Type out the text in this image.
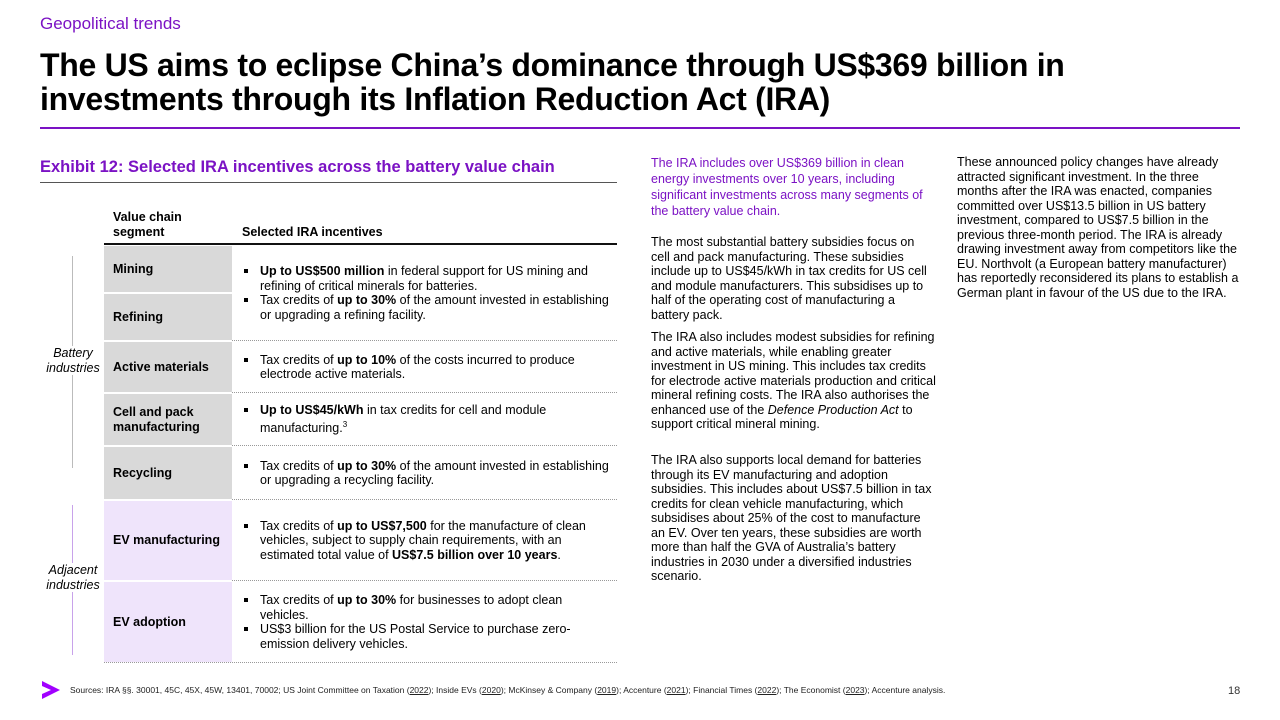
Geopolitical trends
The US aims to eclipse China’s dominance through US$369 billion in investments through its Inflation Reduction Act (IRA)
Exhibit 12: Selected IRA incentives across the battery value chain
Value chain segment	Selected IRA incentives
Battery industries
Adjacent industries
Mining
Refining
Active materials
Cell and pack manufacturing
Recycling
EV manufacturing
EV adoption
Up to US$500 million in federal support for US mining and refining of critical minerals for batteries.
Tax credits of up to 30% of the amount invested in establishing or upgrading a refining facility.
Tax credits of up to 10% of the costs incurred to produce electrode active materials.
Up to US$45/kWh in tax credits for cell and module manufacturing.$^3$
Tax credits of up to 30% of the amount invested in establishing or upgrading a recycling facility.
Tax credits of up to US$7,500 for the manufacture of clean vehicles, subject to supply chain requirements, with an estimated total value of US$7.5 billion over 10 years.
Tax credits of up to 30% for businesses to adopt clean vehicles.
US$3 billion for the US Postal Service to purchase zero-emission delivery vehicles.
The IRA includes over US$369 billion in clean energy investments over 10 years, including significant investments across many segments of the battery value chain.
The most substantial battery subsidies focus on cell and pack manufacturing. These subsidies include up to US$45/kWh in tax credits for US cell and module manufacturers. This subsidises up to half of the operating cost of manufacturing a battery pack.
The IRA also includes modest subsidies for refining and active materials, while enabling greater investment in US mining. This includes tax credits for electrode active materials production and critical mineral refining costs. The IRA also authorises the enhanced use of the Defence Production Act to support critical mineral mining.
The IRA also supports local demand for batteries through its EV manufacturing and adoption subsidies. This includes about US$7.5 billion in tax credits for clean vehicle manufacturing, which subsidises about 25% of the cost to manufacture an EV. Over ten years, these subsidies are worth more than half the GVA of Australia’s battery industries in 2030 under a diversified industries scenario.
These announced policy changes have already attracted significant investment. In the three months after the IRA was enacted, companies committed over US$13.5 billion in US battery investment, compared to US$7.5 billion in the previous three-month period. The IRA is already drawing investment away from competitors like the EU. Northvolt (a European battery manufacturer) has reportedly reconsidered its plans to establish a German plant in favour of the US due to the IRA.
Sources: IRA §§. 30001, 45C, 45X, 45W, 13401, 70002; US Joint Committee on Taxation (2022); Inside EVs (2020); McKinsey & Company (2019); Accenture (2021); Financial Times (2022); The Economist (2023); Accenture analysis.	18
